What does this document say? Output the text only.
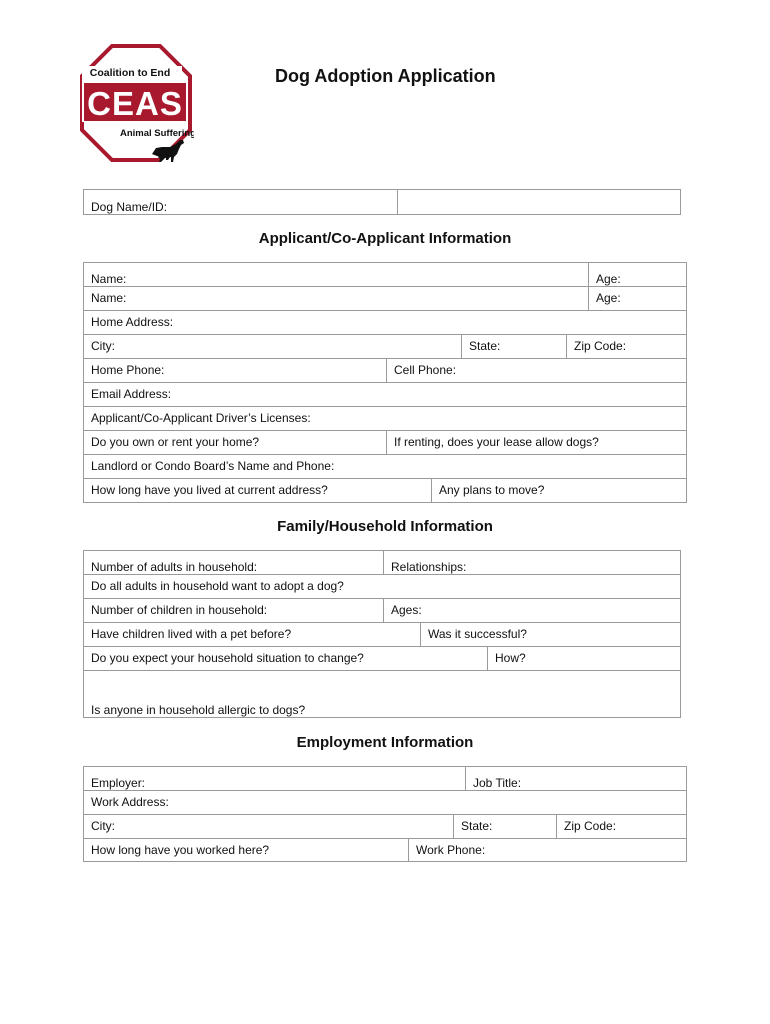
Coalition to End
CEAS
Animal Suffering
Dog Adoption Application
Dog Name/ID:
Applicant/Co-Applicant Information
Name:	Age:
Name:	Age:
Home Address:
City:	State:	Zip Code:
Home Phone:	Cell Phone:
Email Address:
Applicant/Co-Applicant Driver’s Licenses:
Do you own or rent your home?	If renting, does your lease allow dogs?
Landlord or Condo Board’s Name and Phone:
How long have you lived at current address?	Any plans to move?
Family/Household Information
Number of adults in household:	Relationships:
Do all adults in household want to adopt a dog?
Number of children in household:	Ages:
Have children lived with a pet before?	Was it successful?
Do you expect your household situation to change?	How?
Is anyone in household allergic to dogs?
Employment Information
Employer:	Job Title:
Work Address:
City:	State:	Zip Code:
How long have you worked here?	Work Phone:
